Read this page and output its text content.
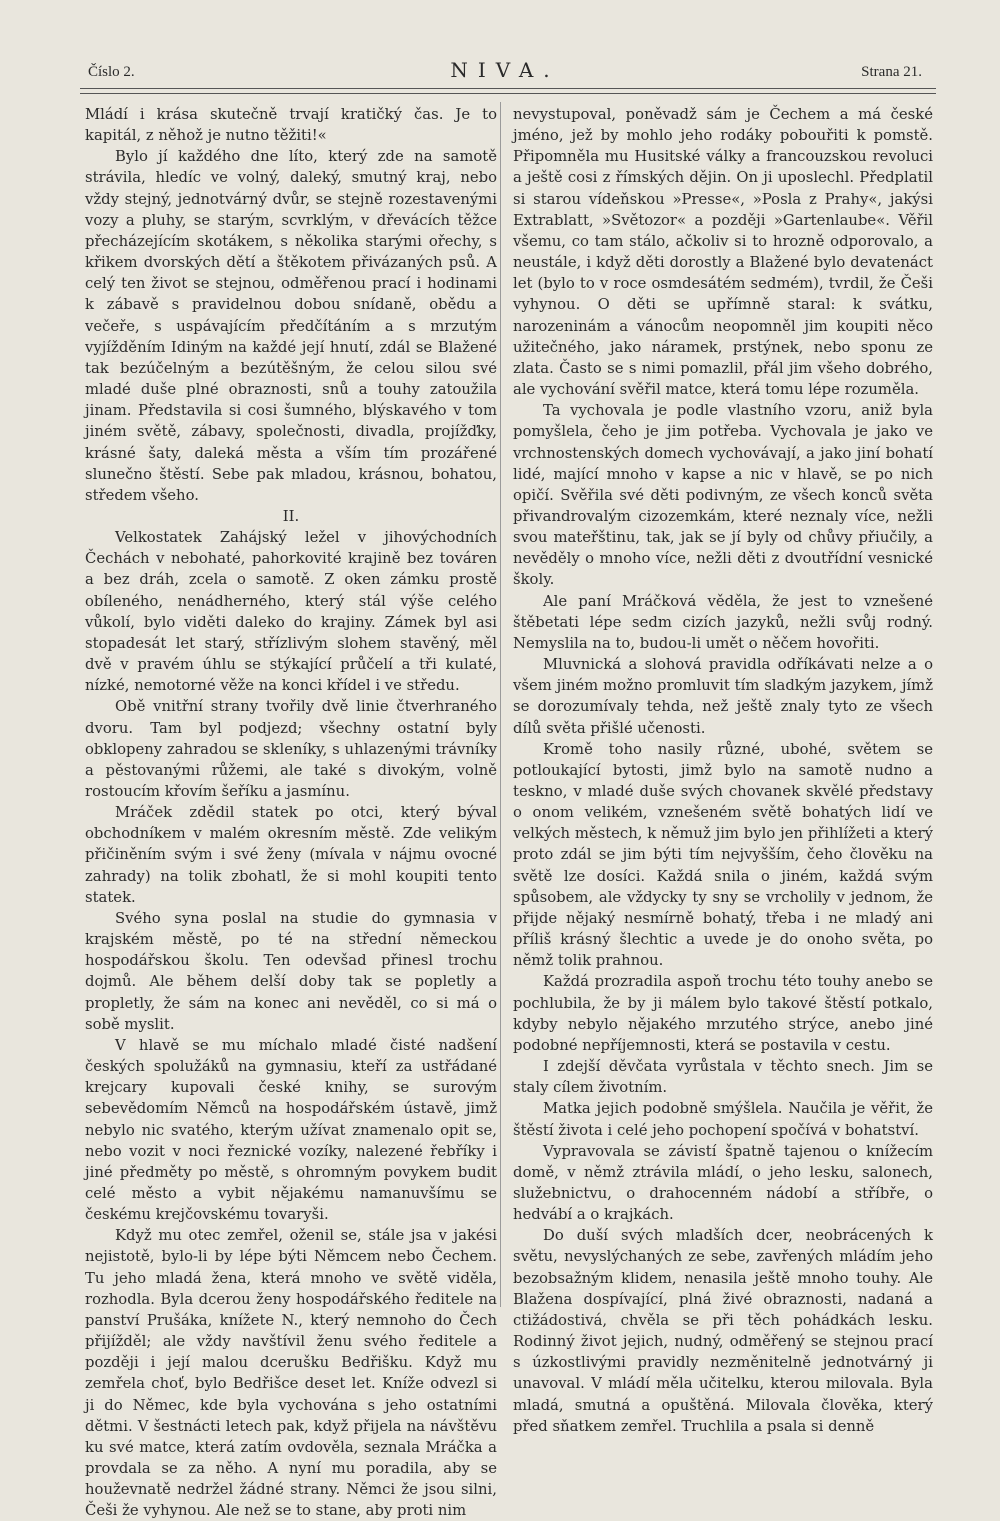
Číslo 2.	NIVA.	Strana 21.

Mládí i krása skutečně trvají kratičký čas. Je to kapitál, z něhož je nutno těžiti!«

Bylo jí každého dne líto, který zde na samotě strávila, hledíc ve volný, daleký, smutný kraj, nebo vždy stejný, jednotvárný dvůr, se stejně rozestavenými vozy a pluhy, se starým, scvrklým, v dřevácích těžce přecházejícím skotákem, s několika starými ořechy, s křikem dvorských dětí a štěkotem přivázaných psů. A celý ten život se stejnou, odměřenou prací i hodinami k zábavě s pravidelnou dobou snídaně, obědu a večeře, s uspávajícím předčítáním a s mrzutým vyjížděním Idiným na každé její hnutí, zdál se Blažené tak bezúčelným a bezútěšným, že celou silou své mladé duše plné obraznosti, snů a touhy zatoužila jinam. Představila si cosi šumného, blýskavého v tom jiném světě, zábavy, společnosti, divadla, projížďky, krásné šaty, daleká města a vším tím prozářené slunečno štěstí. Sebe pak mladou, krásnou, bohatou, středem všeho.

II.

Velkostatek Zahájský ležel v jihovýchodních Čechách v nebohaté, pahorkovité krajině bez továren a bez dráh, zcela o samotě. Z oken zámku prostě obíleného, nenádherného, který stál výše celého vůkolí, bylo viděti daleko do krajiny. Zámek byl asi stopadesát let starý, střízlivým slohem stavěný, měl dvě v pravém úhlu se stýkající průčelí a tři kulaté, nízké, nemotorné věže na konci křídel i ve středu.

Obě vnitřní strany tvořily dvě linie čtverhraného dvoru. Tam byl podjezd; všechny ostatní byly obklopeny zahradou se skleníky, s uhlazenými trávníky a pěstovanými růžemi, ale také s divokým, volně rostoucím křovím šeříku a jasmínu.

Mráček zdědil statek po otci, který býval obchodníkem v malém okresním městě. Zde velikým přičiněním svým i své ženy (mívala v nájmu ovocné zahrady) na tolik zbohatl, že si mohl koupiti tento statek.

Svého syna poslal na studie do gymnasia v krajském městě, po té na střední německou hospodářskou školu. Ten odevšad přinesl trochu dojmů. Ale během delší doby tak se popletly a propletly, že sám na konec ani nevěděl, co si má o sobě myslit.

V hlavě se mu míchalo mladé čisté nadšení českých spolužáků na gymnasiu, kteří za ustřádané krejcary kupovali české knihy, se surovým sebevědomím Němců na hospodářském ústavě, jimž nebylo nic svatého, kterým užívat znamenalo opit se, nebo vozit v noci řeznické vozíky, nalezené řebříky i jiné předměty po městě, s ohromným povykem budit celé město a vybit nějakému namanuvšímu se českému krejčovskému tovaryši.

Když mu otec zemřel, oženil se, stále jsa v jakési nejistotě, bylo-li by lépe býti Němcem nebo Čechem. Tu jeho mladá žena, která mnoho ve světě viděla, rozhodla. Byla dcerou ženy hospodářského ředitele na panství Prušáka, knížete N., který nemnoho do Čech přijížděl; ale vždy navštívil ženu svého ředitele a později i její malou dcerušku Bedřišku. Když mu zemřela choť, bylo Bedřišce deset let. Kníže odvezl si ji do Němec, kde byla vychována s jeho ostatními dětmi. V šestnácti letech pak, když přijela na návštěvu ku své matce, která zatím ovdověla, seznala Mráčka a provdala se za něho. A nyní mu poradila, aby se houževnatě nedržel žádné strany. Němci že jsou silni, Češi že vyhynou. Ale než se to stane, aby proti nim

nevystupoval, poněvadž sám je Čechem a má české jméno, jež by mohlo jeho rodáky pobouřiti k pomstě. Připomněla mu Husitské války a francouzskou revoluci a ještě cosi z římských dějin. On ji uposlechl. Předplatil si starou vídeňskou »Presse«, »Posla z Prahy«, jakýsi Extrablatt, »Světozor« a později »Gartenlaube«. Věřil všemu, co tam stálo, ačkoliv si to hrozně odporovalo, a neustále, i když děti dorostly a Blažené bylo devatenáct let (bylo to v roce osmdesátém sedmém), tvrdil, že Češi vyhynou. O děti se upřímně staral: k svátku, narozeninám a vánocům neopomněl jim koupiti něco užitečného, jako náramek, prstýnek, nebo sponu ze zlata. Často se s nimi pomazlil, přál jim všeho dobrého, ale vychování svěřil matce, která tomu lépe rozuměla.

Ta vychovala je podle vlastního vzoru, aniž byla pomyšlela, čeho je jim potřeba. Vychovala je jako ve vrchnostenských domech vychovávají, a jako jiní bohatí lidé, mající mnoho v kapse a nic v hlavě, se po nich opičí. Svěřila své děti podivným, ze všech konců světa přivandrovalým cizozemkám, které neznaly více, nežli svou mateřštinu, tak, jak se jí byly od chůvy přiučily, a nevěděly o mnoho více, nežli děti z dvoutřídní vesnické školy.

Ale paní Mráčková věděla, že jest to vznešené štěbetati lépe sedm cizích jazyků, nežli svůj rodný. Nemyslila na to, budou-li umět o něčem hovořiti.

Mluvnická a slohová pravidla odříkávati nelze a o všem jiném možno promluvit tím sladkým jazykem, jímž se dorozumívaly tehda, než ještě znaly tyto ze všech dílů světa přišlé učenosti.

Kromě toho nasily různé, ubohé, světem se potloukající bytosti, jimž bylo na samotě nudno a teskno, v mladé duše svých chovanek skvělé představy o onom velikém, vznešeném světě bohatých lidí ve velkých městech, k němuž jim bylo jen přihlížeti a který proto zdál se jim býti tím nejvyšším, čeho člověku na světě lze dosíci. Každá snila o jiném, každá svým spůsobem, ale vždycky ty sny se vrcholily v jednom, že přijde nějaký nesmírně bohatý, třeba i ne mladý ani příliš krásný šlechtic a uvede je do onoho světa, po němž tolik prahnou.

Každá prozradila aspoň trochu této touhy anebo se pochlubila, že by ji málem bylo takové štěstí potkalo, kdyby nebylo nějakého mrzutého strýce, anebo jiné podobné nepříjemnosti, která se postavila v cestu.

I zdejší děvčata vyrůstala v těchto snech. Jim se staly cílem životním.

Matka jejich podobně smýšlela. Naučila je věřit, že štěstí života i celé jeho pochopení spočívá v bohatství.

Vypravovala se závistí špatně tajenou o knížecím domě, v němž ztrávila mládí, o jeho lesku, salonech, služebnictvu, o drahocenném nádobí a stříbře, o hedvábí a o krajkách.

Do duší svých mladších dcer, neobrácených k světu, nevyslýchaných ze sebe, zavřených mládím jeho bezobsažným klidem, nenasila ještě mnoho touhy. Ale Blažena dospívající, plná živé obraznosti, nadaná a ctižádostivá, chvěla se při těch pohádkách lesku. Rodinný život jejich, nudný, odměřený se stejnou prací s úzkostlivými pravidly nezměnitelně jednotvárný ji unavoval. V mládí měla učitelku, kterou milovala. Byla mladá, smutná a opuštěná. Milovala člověka, který před sňatkem zemřel. Truchlila a psala si denně
